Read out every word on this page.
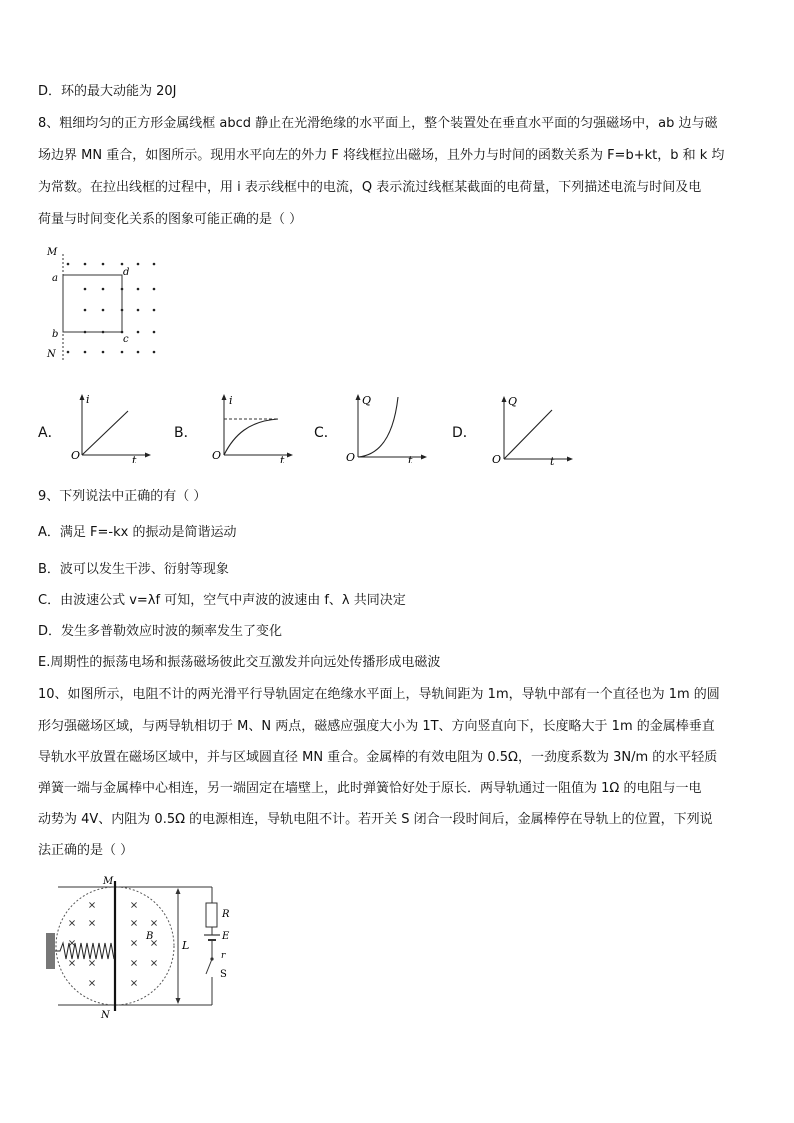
D．环的最大动能为 20J
8、粗细均匀的正方形金属线框 abcd 静止在光滑绝缘的水平面上，整个装置处在垂直水平面的匀强磁场中，ab 边与磁
场边界 MN 重合，如图所示。现用水平向左的外力 F 将线框拉出磁场，且外力与时间的函数关系为 F=b+kt，b 和 k 均
为常数。在拉出线框的过程中，用 i 表示线框中的电流，Q 表示流过线框某截面的电荷量，下列描述电流与时间及电
荷量与时间变化关系的图象可能正确的是（ ）
M
N
a
b	c
d
A．
i
O	t
B．
i
O	t
C．
Q
O	t
D．
Q
O	t
9、下列说法中正确的有（ ）
A．满足 F=-kx 的振动是简谐运动
B．波可以发生干涉、衍射等现象
C．由波速公式 v=λf 可知，空气中声波的波速由 f、λ 共同决定
D．发生多普勒效应时波的频率发生了变化
E.周期性的振荡电场和振荡磁场彼此交互激发并向远处传播形成电磁波
10、如图所示，电阻不计的两光滑平行导轨固定在绝缘水平面上，导轨间距为 1m，导轨中部有一个直径也为 1m 的圆
形匀强磁场区域，与两导轨相切于 M、N 两点，磁感应强度大小为 1T、方向竖直向下，长度略大于 1m 的金属棒垂直
导轨水平放置在磁场区域中，并与区域圆直径 MN 重合。金属棒的有效电阻为 0.5Ω，一劲度系数为 3N/m 的水平轻质
弹簧一端与金属棒中心相连，另一端固定在墙壁上，此时弹簧恰好处于原长．两导轨通过一阻值为 1Ω 的电阻与一电
动势为 4V、内阻为 0.5Ω 的电源相连，导轨电阻不计。若开关 S 闭合一段时间后，金属棒停在导轨上的位置，下列说
法正确的是（ ）
M
N
B
L
R
E
r
S
